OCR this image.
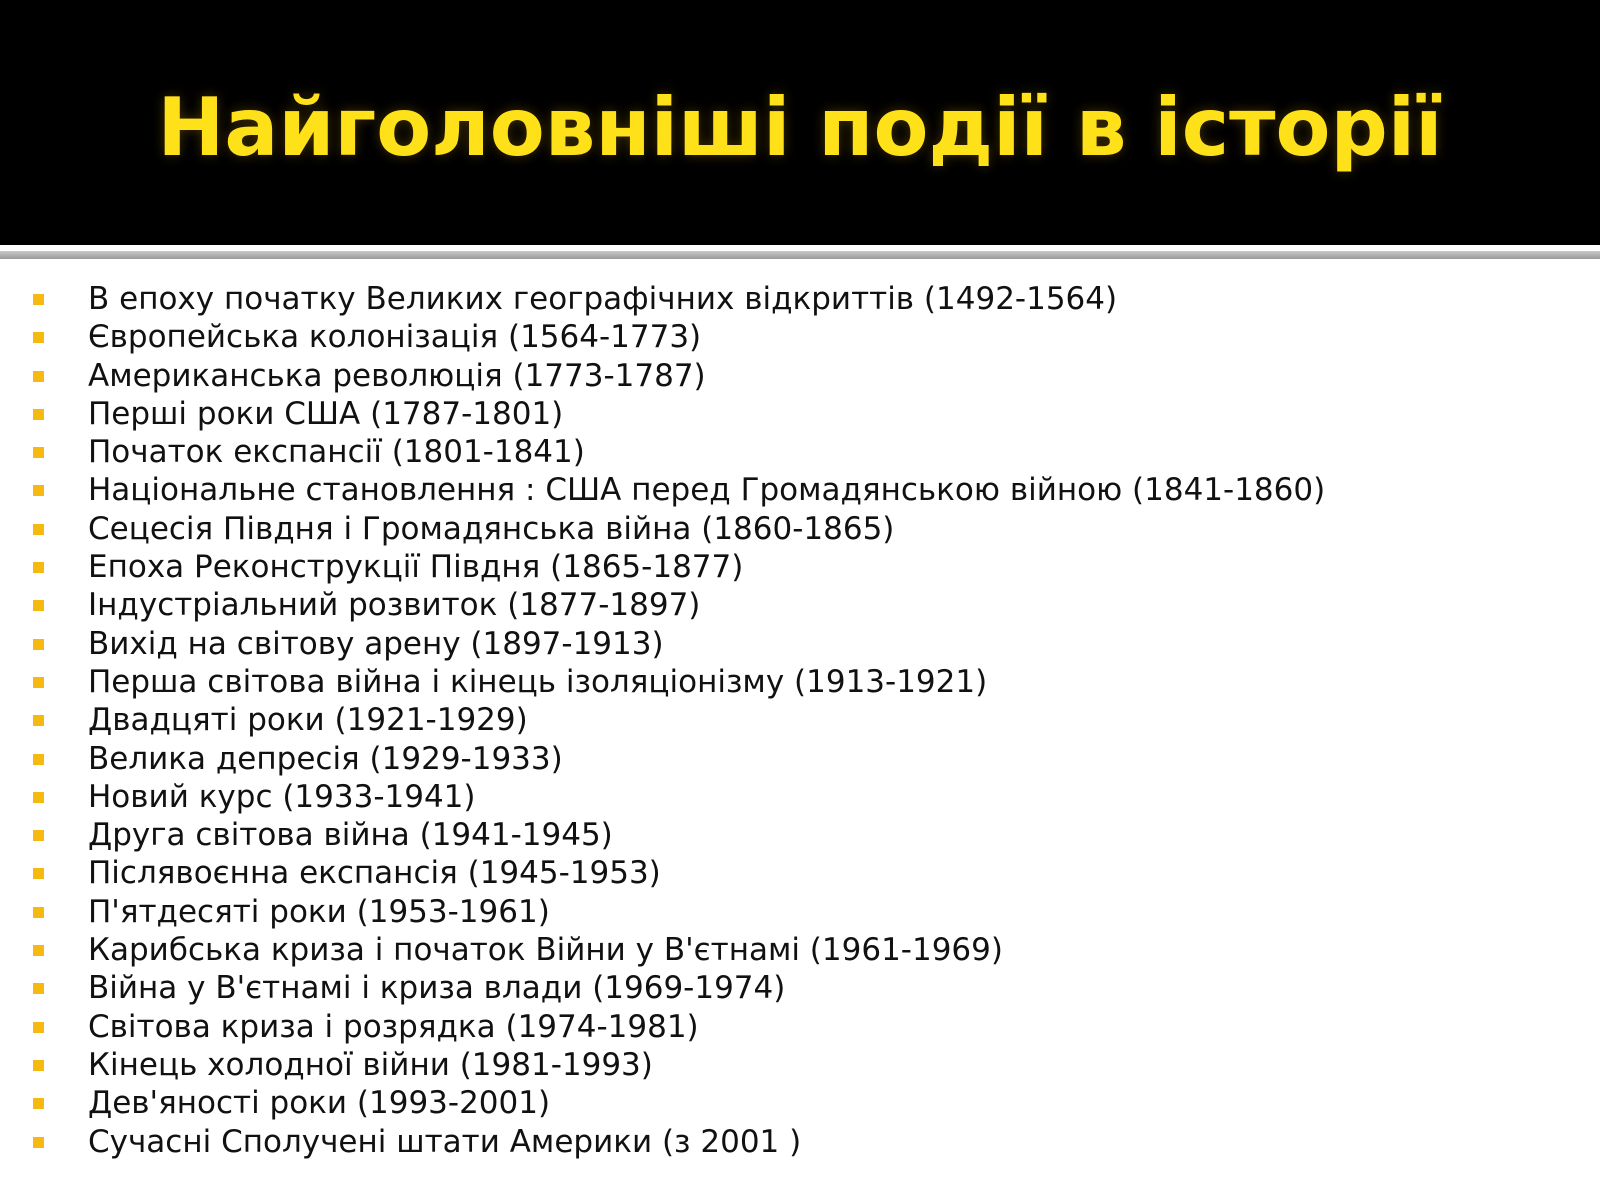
Найголовніші події в історії
В епоху початку Великих географічних відкриттів (1492-1564)
Європейська колонізація (1564-1773)
Американська революція (1773-1787)
Перші роки США (1787-1801)
Початок експансії (1801-1841)
Національне становлення : США перед Громадянською війною (1841-1860)
Сецесія Півдня і Громадянська війна (1860-1865)
Епоха Реконструкції Півдня (1865-1877)
Індустріальний розвиток (1877-1897)
Вихід на світову арену (1897-1913)
Перша світова війна і кінець ізоляціонізму (1913-1921)
Двадцяті роки (1921-1929)
Велика депресія (1929-1933)
Новий курс (1933-1941)
Друга світова війна (1941-1945)
Післявоєнна експансія (1945-1953)
П'ятдесяті роки (1953-1961)
Карибська криза і початок Війни у В'єтнамі (1961-1969)
Війна у В'єтнамі і криза влади (1969-1974)
Світова криза і розрядка (1974-1981)
Кінець холодної війни (1981-1993)
Дев'яності роки (1993-2001)
Сучасні Сполучені штати Америки (з 2001 )
